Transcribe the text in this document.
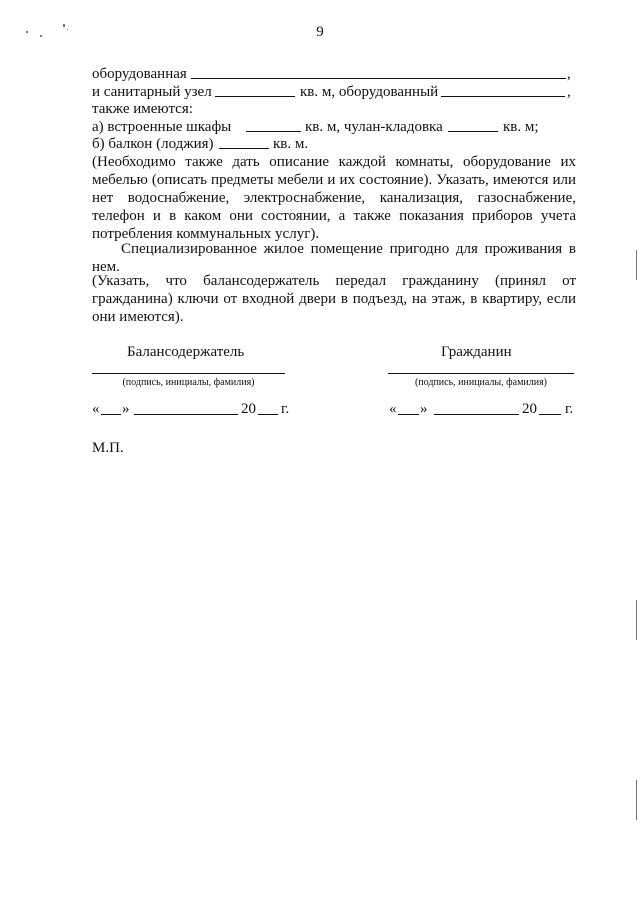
9
оборудованная	,
и санитарный узел	кв. м, оборудованный	,
также имеются:
а) встроенные шкафы	кв. м, чулан-кладовка	кв. м;
б) балкон (лоджия)	кв. м.
(Необходимо также дать описание каждой комнаты, оборудование их мебелью (описать предметы мебели и их состояние). Указать, имеются или нет водоснабжение, электроснабжение, канализация, газоснабжение, телефон и в каком они состоянии, а также показания приборов учета потребления коммунальных услуг).
Специализированное жилое помещение пригодно для проживания в нем.
(Указать, что балансодержатель передал гражданину (принял от гражданина) ключи от входной двери в подъезд, на этаж, в квартиру, если они имеются).
Балансодержатель	Гражданин
(подпись, инициалы, фамилия)	(подпись, инициалы, фамилия)
« »	20 г.	« »	20 г.
М.П.
